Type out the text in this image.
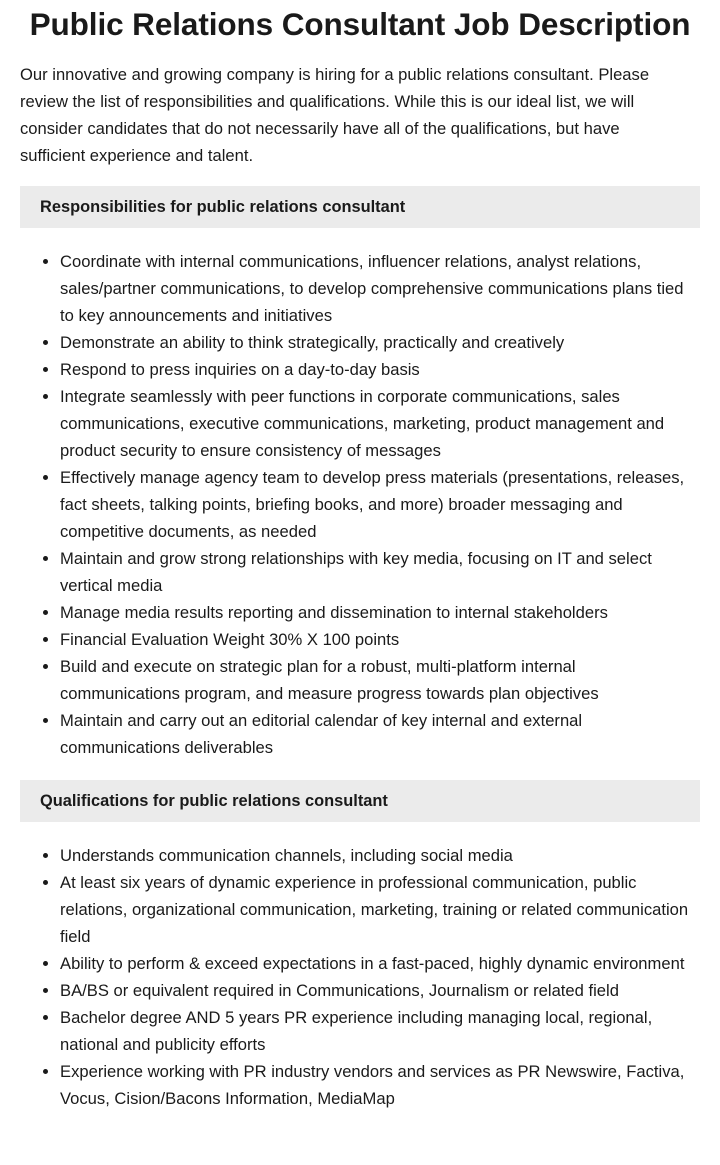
Public Relations Consultant Job Description

Our innovative and growing company is hiring for a public relations consultant. Please review the list of responsibilities and qualifications. While this is our ideal list, we will consider candidates that do not necessarily have all of the qualifications, but have sufficient experience and talent.

Responsibilities for public relations consultant
• Coordinate with internal communications, influencer relations, analyst relations, sales/partner communications, to develop comprehensive communications plans tied to key announcements and initiatives
• Demonstrate an ability to think strategically, practically and creatively
• Respond to press inquiries on a day-to-day basis
• Integrate seamlessly with peer functions in corporate communications, sales communications, executive communications, marketing, product management and product security to ensure consistency of messages
• Effectively manage agency team to develop press materials (presentations, releases, fact sheets, talking points, briefing books, and more) broader messaging and competitive documents, as needed
• Maintain and grow strong relationships with key media, focusing on IT and select vertical media
• Manage media results reporting and dissemination to internal stakeholders
• Financial Evaluation Weight 30% X 100 points
• Build and execute on strategic plan for a robust, multi-platform internal communications program, and measure progress towards plan objectives
• Maintain and carry out an editorial calendar of key internal and external communications deliverables
Qualifications for public relations consultant
• Understands communication channels, including social media
• At least six years of dynamic experience in professional communication, public relations, organizational communication, marketing, training or related communication field
• Ability to perform & exceed expectations in a fast-paced, highly dynamic environment
• BA/BS or equivalent required in Communications, Journalism or related field
• Bachelor degree AND 5 years PR experience including managing local, regional, national and publicity efforts
• Experience working with PR industry vendors and services as PR Newswire, Factiva, Vocus, Cision/Bacons Information, MediaMap
